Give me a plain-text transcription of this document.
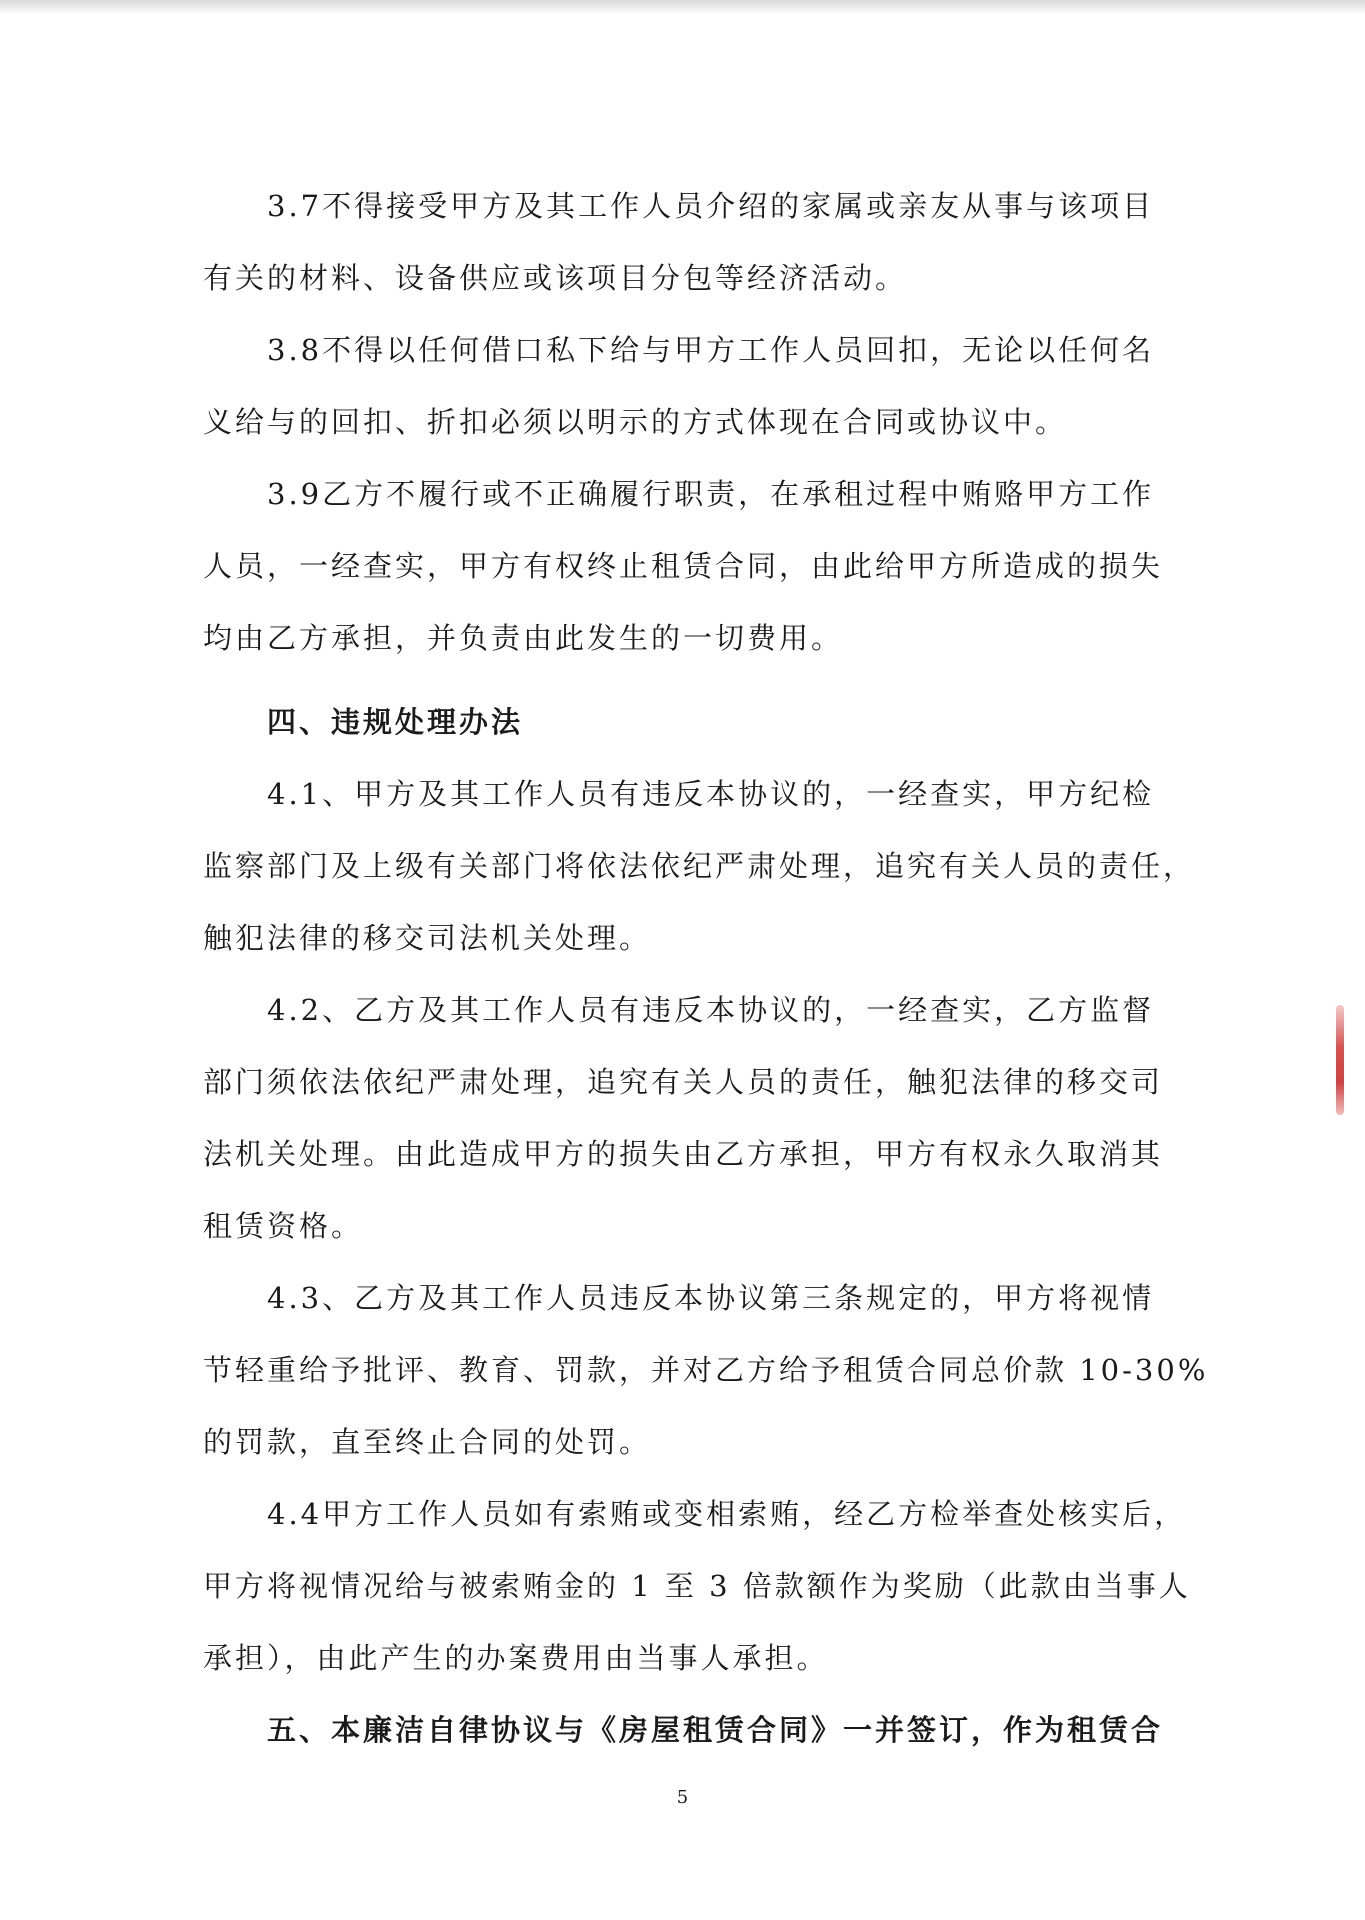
3.7不得接受甲方及其工作人员介绍的家属或亲友从事与该项目
有关的材料、设备供应或该项目分包等经济活动。
3.8不得以任何借口私下给与甲方工作人员回扣，无论以任何名
义给与的回扣、折扣必须以明示的方式体现在合同或协议中。
3.9乙方不履行或不正确履行职责，在承租过程中贿赂甲方工作
人员，一经查实，甲方有权终止租赁合同，由此给甲方所造成的损失
均由乙方承担，并负责由此发生的一切费用。
四、违规处理办法
4.1、甲方及其工作人员有违反本协议的，一经查实，甲方纪检
监察部门及上级有关部门将依法依纪严肃处理，追究有关人员的责任，
触犯法律的移交司法机关处理。
4.2、乙方及其工作人员有违反本协议的，一经查实，乙方监督
部门须依法依纪严肃处理，追究有关人员的责任，触犯法律的移交司
法机关处理。由此造成甲方的损失由乙方承担，甲方有权永久取消其
租赁资格。
4.3、乙方及其工作人员违反本协议第三条规定的，甲方将视情
节轻重给予批评、教育、罚款，并对乙方给予租赁合同总价款 10-30%
的罚款，直至终止合同的处罚。
4.4甲方工作人员如有索贿或变相索贿，经乙方检举查处核实后，
甲方将视情况给与被索贿金的 1 至 3 倍款额作为奖励（此款由当事人
承担），由此产生的办案费用由当事人承担。
五、本廉洁自律协议与《房屋租赁合同》一并签订，作为租赁合
5
